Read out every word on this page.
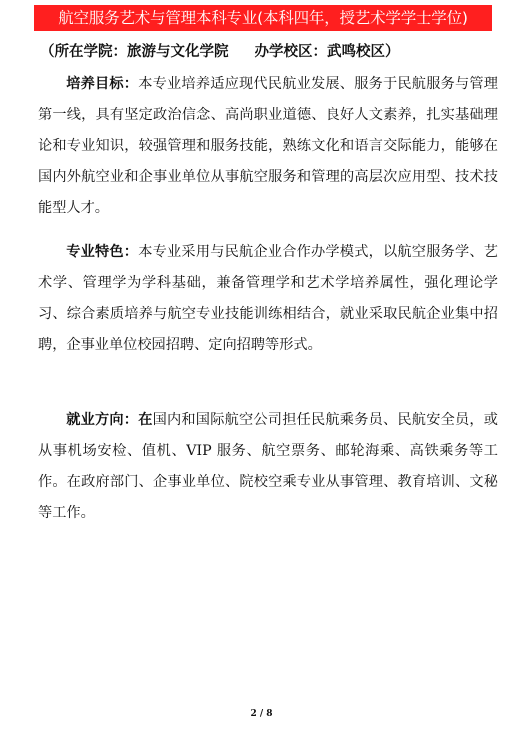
航空服务艺术与管理本科专业(本科四年，授艺术学学士学位)
（所在学院：旅游与文化学院 办学校区：武鸣校区）
培养目标：本专业培养适应现代民航业发展、服务于民航服务与管理第一线，具有坚定政治信念、高尚职业道德、良好人文素养，扎实基础理论和专业知识，较强管理和服务技能，熟练文化和语言交际能力，能够在国内外航空业和企事业单位从事航空服务和管理的高层次应用型、技术技能型人才。
专业特色：本专业采用与民航企业合作办学模式，以航空服务学、艺术学、管理学为学科基础，兼备管理学和艺术学培养属性，强化理论学习、综合素质培养与航空专业技能训练相结合，就业采取民航企业集中招聘，企事业单位校园招聘、定向招聘等形式。
就业方向：在国内和国际航空公司担任民航乘务员、民航安全员，或从事机场安检、值机、VIP 服务、航空票务、邮轮海乘、高铁乘务等工作。在政府部门、企事业单位、院校空乘专业从事管理、教育培训、文秘等工作。
2 / 8
